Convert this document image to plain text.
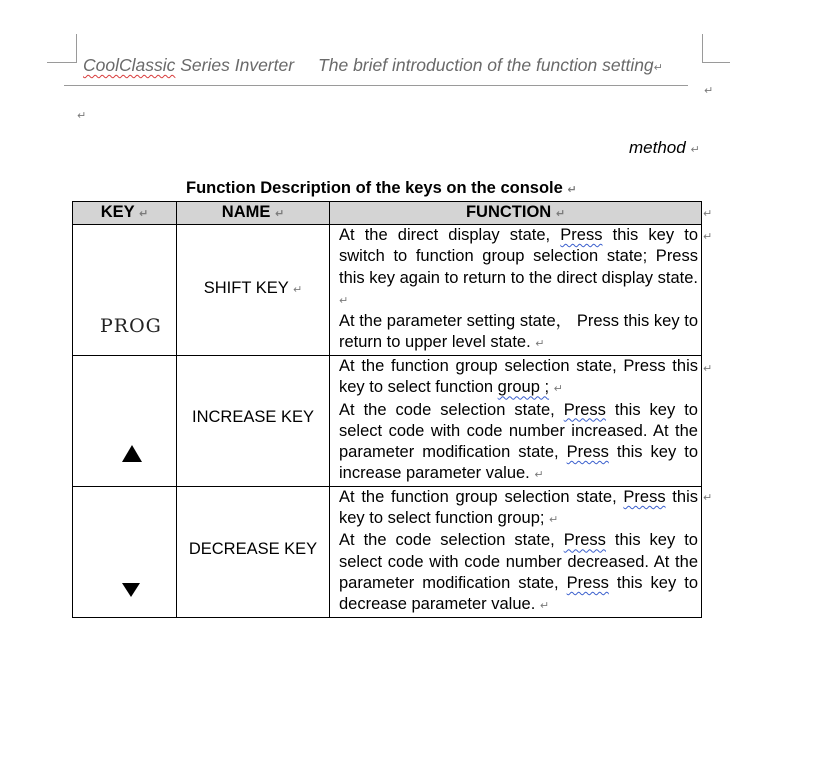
CoolClassic Series Inverter The brief introduction of the function setting↵
↵
↵
method ↵
Function Description of the keys on the console ↵
KEY ↵	NAME ↵	FUNCTION ↵

PROG	SHIFT KEY ↵	At the direct display state, Press this key to switch to function group selection state; Press this key again to return to the direct display state. ↵

At the parameter setting state， Press this key to return to upper level state. ↵

	INCREASE KEY	At the function group selection state, Press this key to select function group ; ↵

At the code selection state, Press this key to select code with code number increased. At the parameter modification state, Press this key to increase parameter value. ↵

	DECREASE KEY	At the function group selection state, Press this key to select function group; ↵

At the code selection state, Press this key to select code with code number decreased. At the parameter modification state, Press this key to decrease parameter value. ↵

↵
↵
↵
↵
